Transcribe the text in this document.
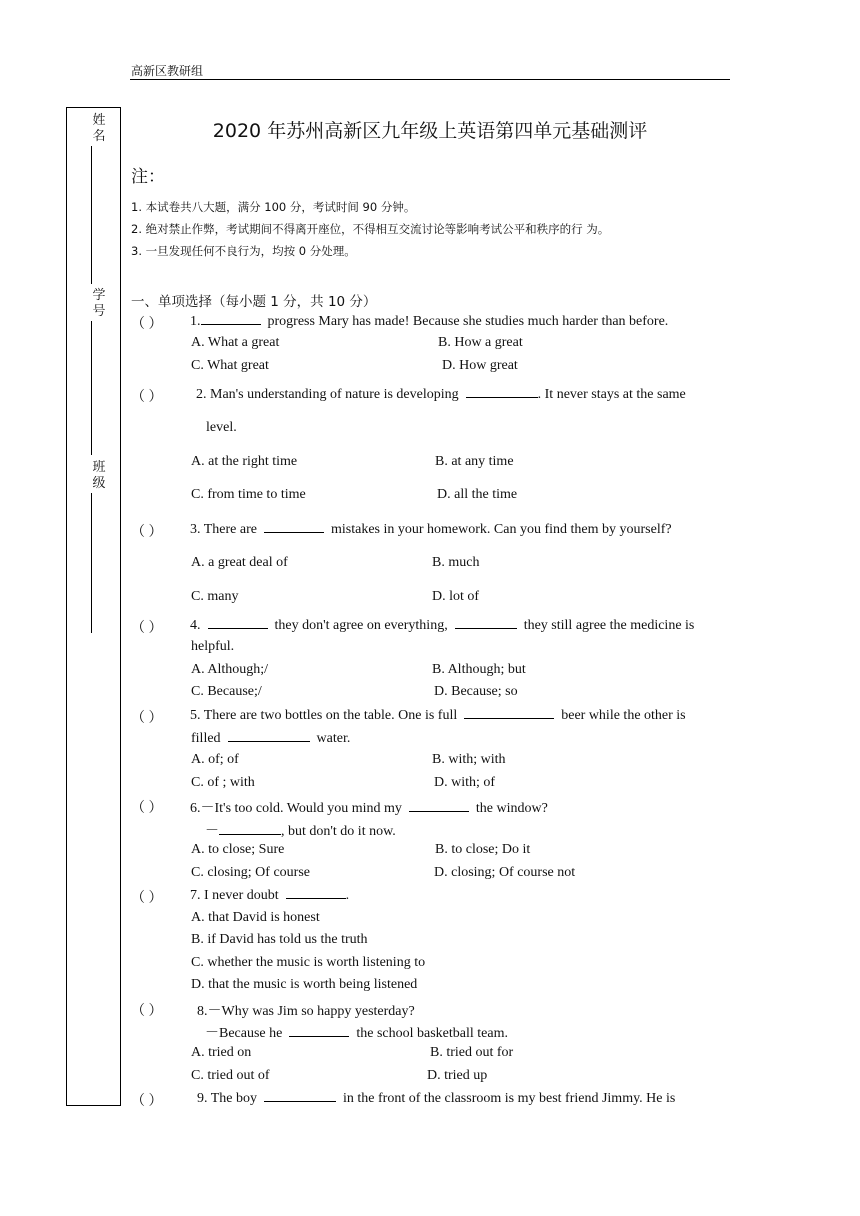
高新区教研组
姓名
学号
班级
2020 年苏州高新区九年级上英语第四单元基础测评
注：
1. 本试卷共八大题，满分 100 分，考试时间 90 分钟。
2. 绝对禁止作弊，考试期间不得离开座位，不得相互交流讨论等影响考试公平和秩序的行 为。
3. 一旦发现任何不良行为，均按 0 分处理。
一、单项选择（每小题 1 分，共 10 分）
（ ） 1.	progress Mary has made! Because she studies much harder than before.
A. What a great	B. How a great
C. What great	D. How great
（ ） 2. Man's understanding of nature is developing	. It never stays at the same
level.
A. at the right time	B. at any time
C. from time to time	D. all the time
（ ） 3. There are	mistakes in your homework. Can you find them by yourself?
A. a great deal of	B. much
C. many	D. lot of
（ ） 4.	they don't agree on everything,	they still agree the medicine is
helpful.
A. Although;/	B. Although; but
C. Because;/	D. Because; so
（ ） 5. There are two bottles on the table. One is full	beer while the other is
filled	water.
A. of; of	B. with; with
C. of ; with	D. with; of
（ ） 6.－It's too cold. Would you mind my	the window?
－	, but don't do it now.
A. to close; Sure	B. to close; Do it
C. closing; Of course	D. closing; Of course not
（ ） 7. I never doubt	.
A. that David is honest
B. if David has told us the truth
C. whether the music is worth listening to
D. that the music is worth being listened
（ ） 8.－Why was Jim so happy yesterday?
－Because he	the school basketball team.
A. tried on	B. tried out for
C. tried out of	D. tried up
（ ） 9. The boy	in the front of the classroom is my best friend Jimmy. He is
